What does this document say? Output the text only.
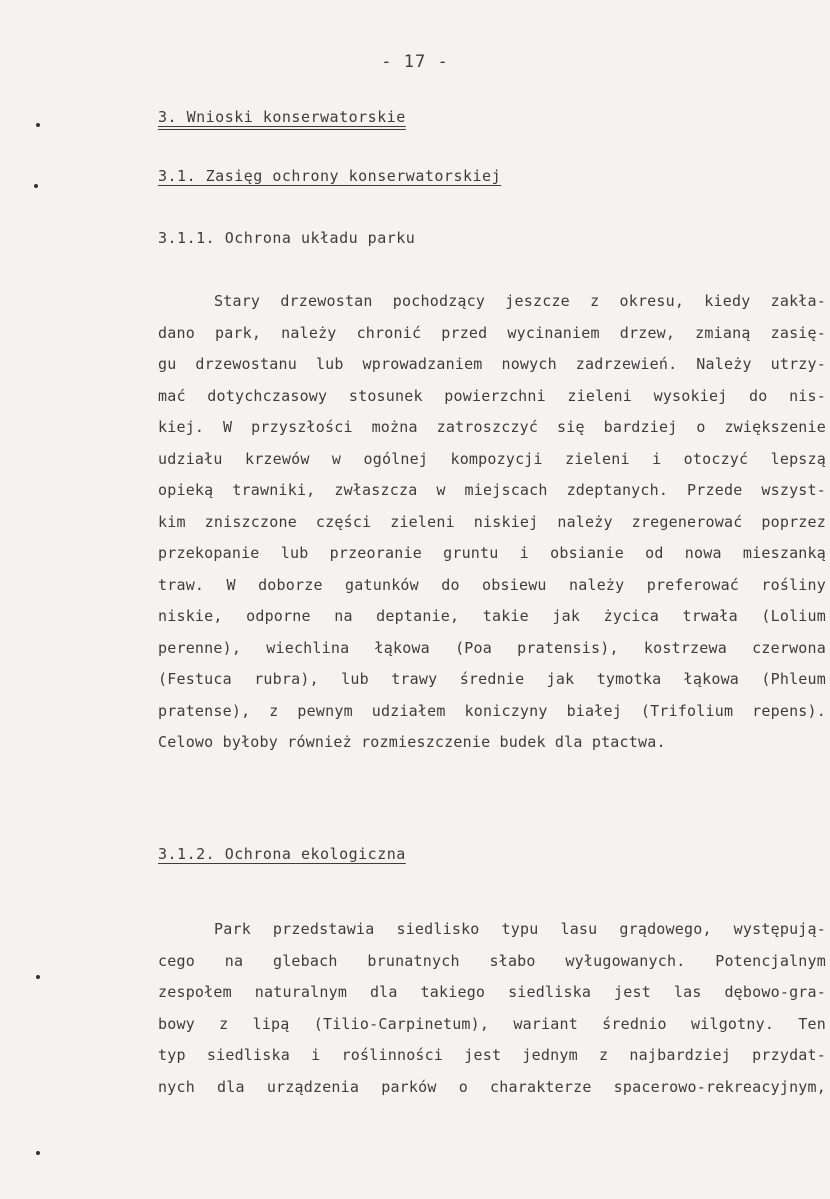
- 17 -
3. Wnioski konserwatorskie
3.1. Zasięg ochrony konserwatorskiej
3.1.1. Ochrona układu parku
Stary drzewostan pochodzący jeszcze z okresu, kiedy zakła-
dano park, należy chronić przed wycinaniem drzew, zmianą zasię-
gu drzewostanu lub wprowadzaniem nowych zadrzewień. Należy utrzy-
mać dotychczasowy stosunek powierzchni zieleni wysokiej do nis-
kiej. W przyszłości można zatroszczyć się bardziej o zwiększenie
udziału krzewów w ogólnej kompozycji zieleni i otoczyć lepszą
opieką trawniki, zwłaszcza w miejscach zdeptanych. Przede wszyst-
kim zniszczone części zieleni niskiej należy zregenerować poprzez
przekopanie lub przeoranie gruntu i obsianie od nowa mieszanką
traw. W doborze gatunków do obsiewu należy preferować rośliny
niskie, odporne na deptanie, takie jak życica trwała (Lolium
perenne), wiechlina łąkowa (Poa pratensis), kostrzewa czerwona
(Festuca rubra), lub trawy średnie jak tymotka łąkowa (Phleum
pratense), z pewnym udziałem koniczyny białej (Trifolium repens).
Celowo byłoby również rozmieszczenie budek dla ptactwa.
3.1.2. Ochrona ekologiczna
Park przedstawia siedlisko typu lasu grądowego, występują-
cego na glebach brunatnych słabo wyługowanych. Potencjalnym
zespołem naturalnym dla takiego siedliska jest las dębowo-gra-
bowy z lipą (Tilio-Carpinetum), wariant średnio wilgotny. Ten
typ siedliska i roślinności jest jednym z najbardziej przydat-
nych dla urządzenia parków o charakterze spacerowo-rekreacyjnym,
